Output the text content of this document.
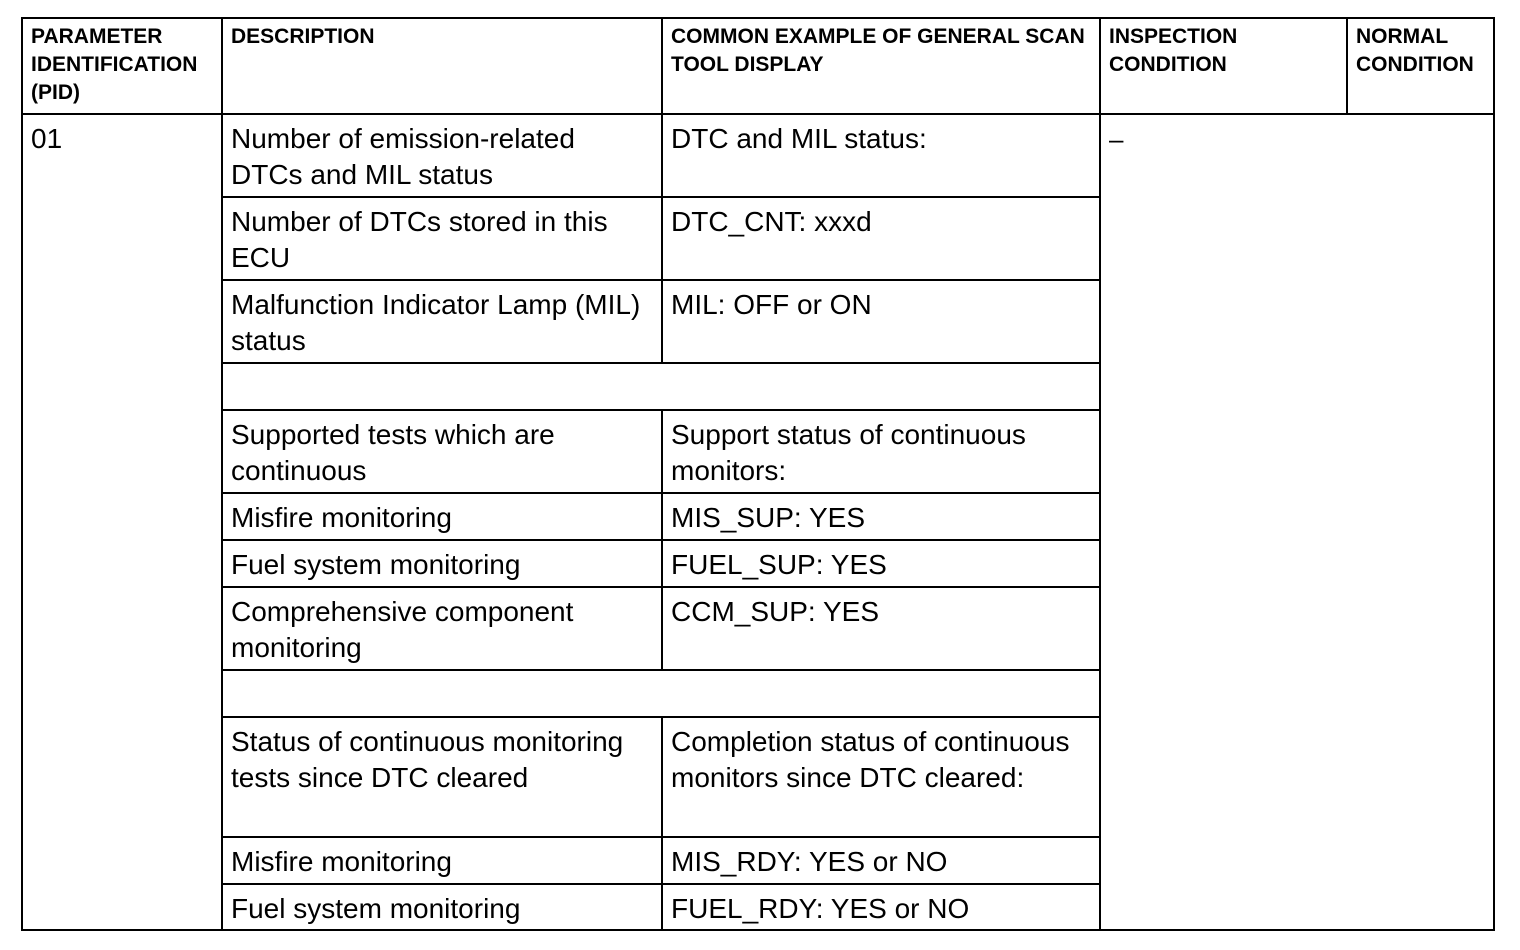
PARAMETER IDENTIFICATION (PID)	DESCRIPTION	COMMON EXAMPLE OF GENERAL SCAN TOOL DISPLAY	INSPECTION CONDITION	NORMAL CONDITION
01	Number of emission-related DTCs and MIL status	DTC and MIL status:	–	
	Number of DTCs stored in this ECU	DTC_CNT: xxxd		
	Malfunction Indicator Lamp (MIL) status	MIL: OFF or ON		

	Supported tests which are continuous	Support status of continuous monitors:		
	Misfire monitoring	MIS_SUP: YES		
	Fuel system monitoring	FUEL_SUP: YES		
	Comprehensive component monitoring	CCM_SUP: YES		

	Status of continuous monitoring tests since DTC cleared	Completion status of continuous monitors since DTC cleared:		
	Misfire monitoring	MIS_RDY: YES or NO		
	Fuel system monitoring	FUEL_RDY: YES or NO		
